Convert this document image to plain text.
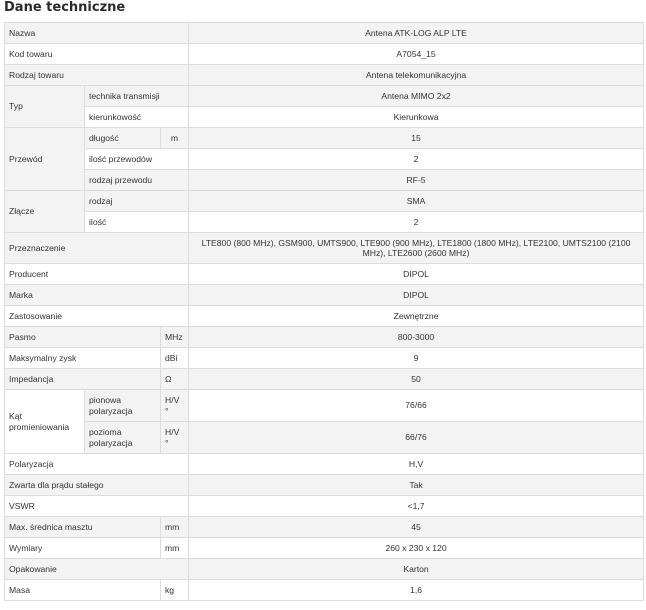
Dane techniczne
Nazwa			Antena ATK-LOG ALP LTE
Kod towaru			A7054_15
Rodzaj towaru			Antena telekomunikacyjna
Typ	technika transmisji		Antena MIMO 2x2
	kierunkowość		Kierunkowa
Przewód	długość	m	15
	ilość przewodów		2
	rodzaj przewodu		RF-5
Złącze	rodzaj		SMA
	ilość		2
Przeznaczenie			LTE800 (800 MHz), GSM900, UMTS900, LTE900 (900 MHz), LTE1800 (1800 MHz), LTE2100, UMTS2100 (2100 MHz), LTE2600 (2600 MHz)
Producent			DIPOL
Marka			DIPOL
Zastosowanie			Zewnętrzne
Pasmo		MHz	800-3000
Maksymalny zysk		dBi	9
Impedancja		Ω	50
Kąt promieniowania	pionowa polaryzacja	H/V °	76/66
	pozioma polaryzacja	H/V °	66/76
Polaryzacja			H,V
Zwarta dla prądu stałego			Tak
VSWR			<1,7
Max. średnica masztu		mm	45
Wymiary		mm	260 x 230 x 120
Opakowanie			Karton
Masa		kg	1,6
